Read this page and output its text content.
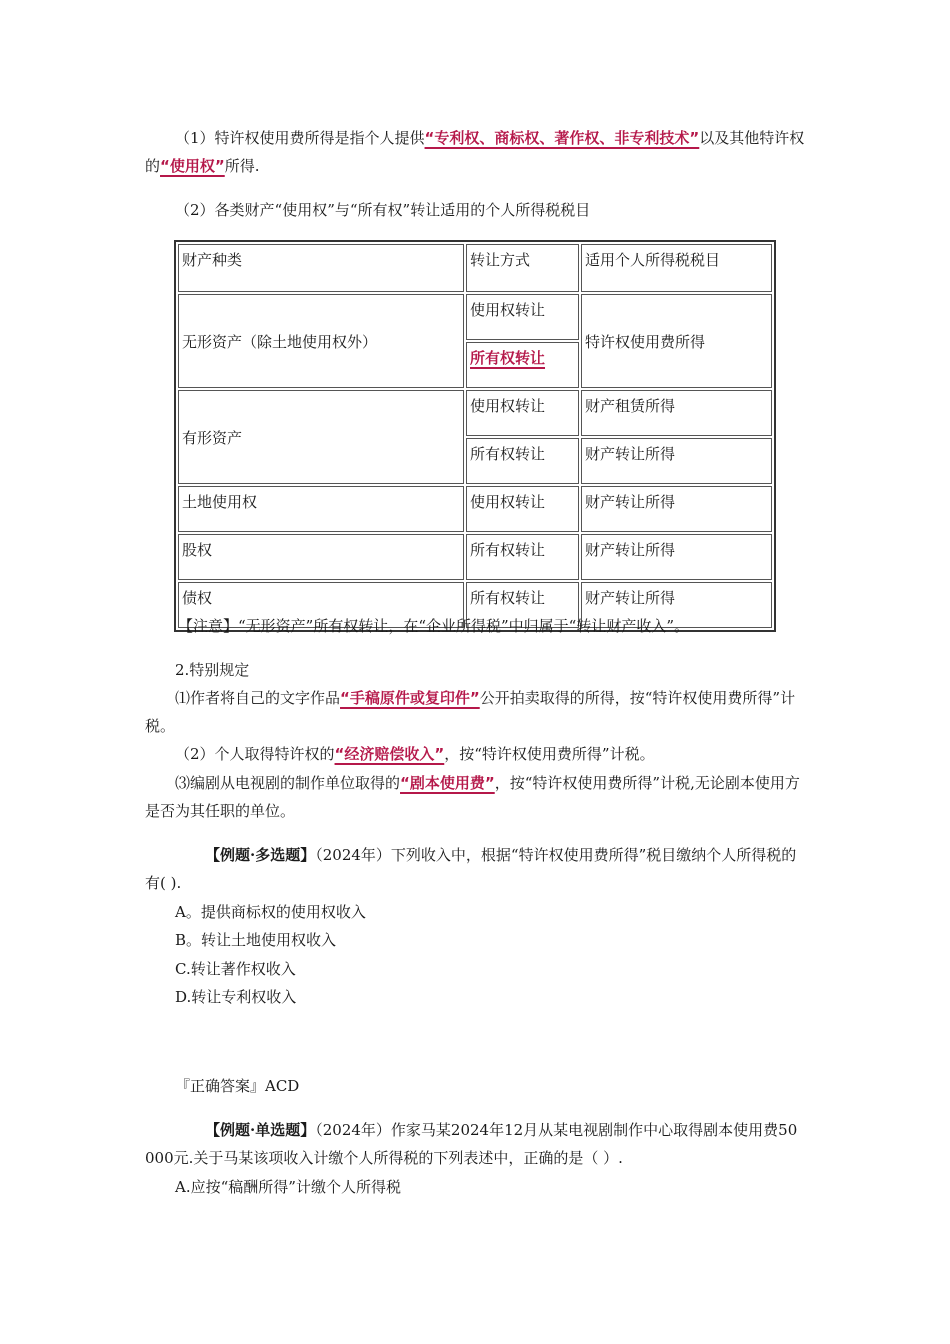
（1）特许权使用费所得是指个人提供“专利权、商标权、著作权、非专利技术”以及其他特许权的“使用权”所得.

（2）各类财产“使用权”与“所有权”转让适用的个人所得税税目

财产种类	转让方式	适用个人所得税税目
无形资产（除土地使用权外）	使用权转让	特许权使用费所得
	所有权转让	
有形资产	使用权转让	财产租赁所得
	所有权转让	财产转让所得
土地使用权	使用权转让	财产转让所得
股权	所有权转让	财产转让所得
债权	所有权转让	财产转让所得

【注意】“无形资产”所有权转让，在“企业所得税”中归属于“转让财产收入”。

2.特别规定

⑴作者将自己的文字作品“手稿原件或复印件”公开拍卖取得的所得，按“特许权使用费所得”计税。

（2）个人取得特许权的“经济赔偿收入”，按“特许权使用费所得”计税。

⑶编剧从电视剧的制作单位取得的“剧本使用费”，按“特许权使用费所得”计税,无论剧本使用方是否为其任职的单位。

【例题·多选题】（2024年）下列收入中，根据“特许权使用费所得”税目缴纳个人所得税的有( ).

A。提供商标权的使用权收入

B。转让土地使用权收入

C.转让著作权收入

D.转让专利权收入

『正确答案』ACD

【例题·单选题】（2024年）作家马某2024年12月从某电视剧制作中心取得剧本使用费50 000元.关于马某该项收入计缴个人所得税的下列表述中，正确的是（ ）.

A.应按“稿酬所得”计缴个人所得税
